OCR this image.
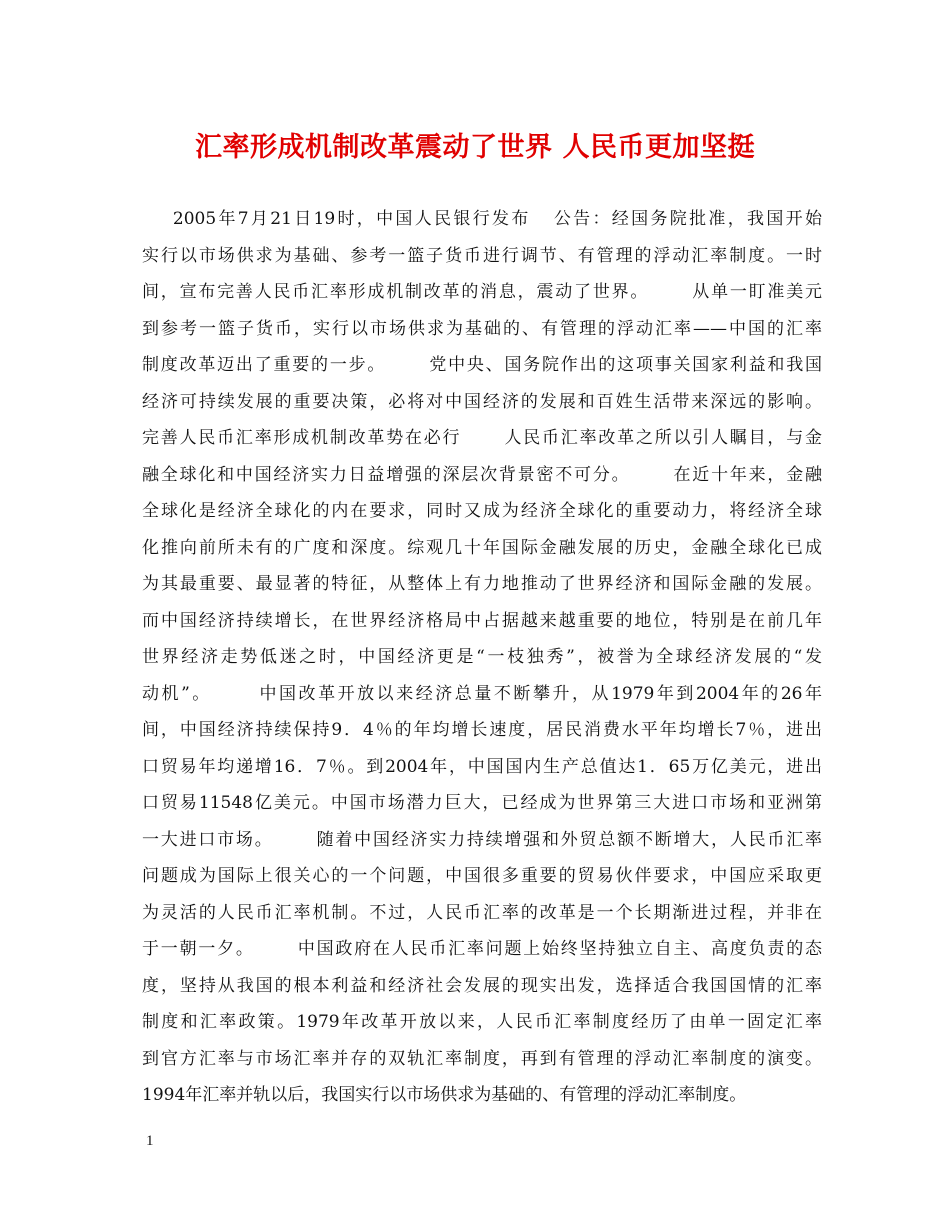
汇率形成机制改革震动了世界 人民币更加坚挺
2005年7月21日19时，中国人民银行发布   公告：经国务院批准，我国开始
实行以市场供求为基础、参考一篮子货币进行调节、有管理的浮动汇率制度。一时
间，宣布完善人民币汇率形成机制改革的消息，震动了世界。      从单一盯准美元
到参考一篮子货币，实行以市场供求为基础的、有管理的浮动汇率——中国的汇率
制度改革迈出了重要的一步。      党中央、国务院作出的这项事关国家利益和我国
经济可持续发展的重要决策，必将对中国经济的发展和百姓生活带来深远的影响。
完善人民币汇率形成机制改革势在必行      人民币汇率改革之所以引人瞩目，与金
融全球化和中国经济实力日益增强的深层次背景密不可分。      在近十年来，金融
全球化是经济全球化的内在要求，同时又成为经济全球化的重要动力，将经济全球
化推向前所未有的广度和深度。综观几十年国际金融发展的历史，金融全球化已成
为其最重要、最显著的特征，从整体上有力地推动了世界经济和国际金融的发展。
而中国经济持续增长，在世界经济格局中占据越来越重要的地位，特别是在前几年
世界经济走势低迷之时，中国经济更是“一枝独秀”，被誉为全球经济发展的“发
动机”。      中国改革开放以来经济总量不断攀升，从1979年到2004年的26年
间，中国经济持续保持9．4％的年均增长速度，居民消费水平年均增长7％，进出
口贸易年均递增16．7％。到2004年，中国国内生产总值达1．65万亿美元，进出
口贸易11548亿美元。中国市场潜力巨大，已经成为世界第三大进口市场和亚洲第
一大进口市场。      随着中国经济实力持续增强和外贸总额不断增大，人民币汇率
问题成为国际上很关心的一个问题，中国很多重要的贸易伙伴要求，中国应采取更
为灵活的人民币汇率机制。不过，人民币汇率的改革是一个长期渐进过程，并非在
于一朝一夕。      中国政府在人民币汇率问题上始终坚持独立自主、高度负责的态
度，坚持从我国的根本利益和经济社会发展的现实出发，选择适合我国国情的汇率
制度和汇率政策。1979年改革开放以来，人民币汇率制度经历了由单一固定汇率
到官方汇率与市场汇率并存的双轨汇率制度，再到有管理的浮动汇率制度的演变。
1994年汇率并轨以后，我国实行以市场供求为基础的、有管理的浮动汇率制度。
1
